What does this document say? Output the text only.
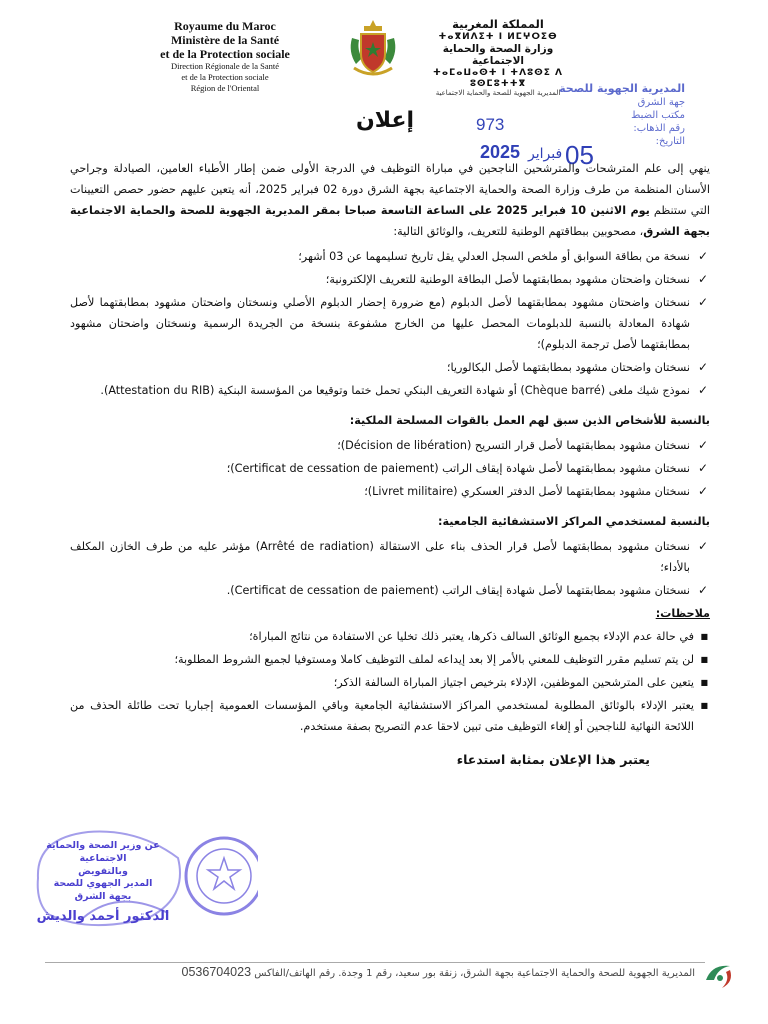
Royaume du Maroc
Ministère de la Santé
et de la Protection sociale
Direction Régionale de la Santé
et de la Protection sociale
Région de l'Oriental
المملكة المغربية
ⵜⴰⴳⵍⴷⵉⵜ ⵏ ⵍⵎⵖⵔⵉⴱ
وزارة الصحة والحماية الاجتماعية
ⵜⴰⵎⴰⵡⴰⵙⵜ ⵏ ⵜⴷⵓⵙⵉ ⴷ ⵓⵙⵎⵓⵜⵜⴳ
المديرية الجهوية للصحة والحماية الاجتماعية
المديرية الجهوية للصحة
جهة الشرق
مكتب الضبط
رقم الذهاب:
التاريخ:
973
05
فبراير
2025
إعلان
ينهي إلى علم المترشحات والمترشحين الناجحين في مباراة التوظيف في الدرجة الأولى ضمن إطار الأطباء العامين، الصيادلة وجراحي الأسنان المنظمة من طرف وزارة الصحة والحماية الاجتماعية بجهة الشرق دورة 02 فبراير 2025، أنه يتعين عليهم حضور حصص التعيينات التي ستنظم يوم الاثنين 10 فبراير 2025 على الساعة التاسعة صباحا بمقر المديرية الجهوية للصحة والحماية الاجتماعية بجهة الشرق، مصحوبين ببطاقتهم الوطنية للتعريف، والوثائق التالية:
✓
نسخة من بطاقة السوابق أو ملخص السجل العدلي يقل تاريخ تسليمهما عن 03 أشهر؛
✓
نسختان واضحتان مشهود بمطابقتهما لأصل البطاقة الوطنية للتعريف الإلكترونية؛
✓
نسختان واضحتان مشهود بمطابقتهما لأصل الدبلوم (مع ضرورة إحضار الدبلوم الأصلي ونسختان واضحتان مشهود بمطابقتهما لأصل شهادة المعادلة بالنسبة للدبلومات المحصل عليها من الخارج مشفوعة بنسخة من الجريدة الرسمية ونسختان واضحتان مشهود بمطابقتهما لأصل ترجمة الدبلوم)؛
✓
نسختان واضحتان مشهود بمطابقتهما لأصل البكالوريا؛
✓
نموذج شيك ملغى (Chèque barré) أو شهادة التعريف البنكي تحمل ختما وتوقيعا من المؤسسة البنكية (Attestation du RIB).
بالنسبة للأشخاص الذين سبق لهم العمل بالقوات المسلحة الملكية:
✓
نسختان مشهود بمطابقتهما لأصل قرار التسريح (Décision de libération)؛
✓
نسختان مشهود بمطابقتهما لأصل شهادة إيقاف الراتب (Certificat de cessation de paiement)؛
✓
نسختان مشهود بمطابقتهما لأصل الدفتر العسكري (Livret militaire)؛
بالنسبة لمستخدمي المراكز الاستشفائية الجامعية:
✓
نسختان مشهود بمطابقتهما لأصل قرار الحذف بناء على الاستقالة (Arrêté de radiation) مؤشر عليه من طرف الخازن المكلف بالأداء؛
✓
نسختان مشهود بمطابقتهما لأصل شهادة إيقاف الراتب (Certificat de cessation de paiement).
ملاحظات:
■
في حالة عدم الإدلاء بجميع الوثائق السالف ذكرها، يعتبر ذلك تخليا عن الاستفادة من نتائج المباراة؛
■
لن يتم تسليم مقرر التوظيف للمعني بالأمر إلا بعد إيداعه لملف التوظيف كاملا ومستوفيا لجميع الشروط المطلوبة؛
■
يتعين على المترشحين الموظفين، الإدلاء بترخيص اجتياز المباراة السالفة الذكر؛
■
يعتبر الإدلاء بالوثائق المطلوبة لمستخدمي المراكز الاستشفائية الجامعية وباقي المؤسسات العمومية إجباريا تحت طائلة الحذف من اللائحة النهائية للناجحين أو إلغاء التوظيف متى تبين لاحقا عدم التصريح بصفة مستخدم.
يعتبر هذا الإعلان بمثابة استدعاء
عن وزير الصحة والحماية الاجتماعية
وبالتفويض
المدير الجهوي للصحة
بجهة الشرق
الدكتور أحمد والديش
المديرية الجهوية للصحة والحماية الاجتماعية بجهة الشرق، زنقة بور سعيد، رقم 1 وجدة. رقم الهاتف/الفاكس 0536704023
